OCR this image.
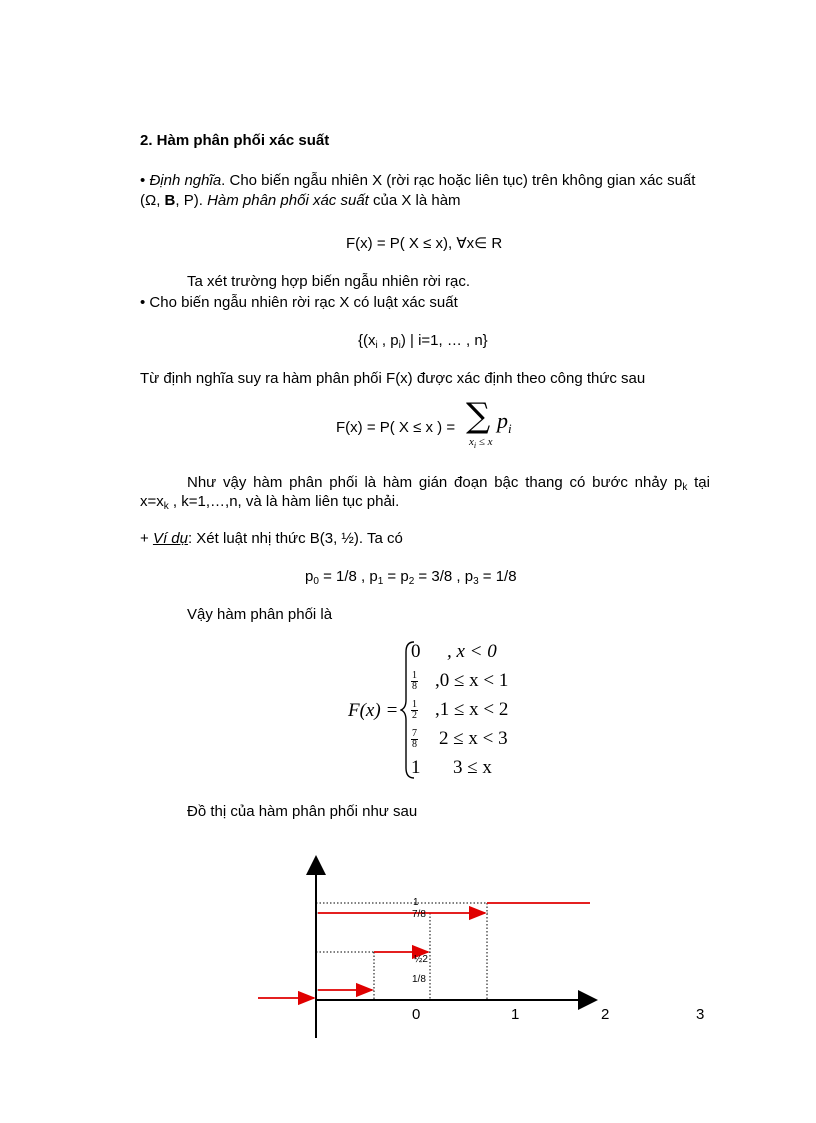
2. Hàm phân phối xác suất
• Định nghĩa. Cho biến ngẫu nhiên X (rời rạc hoặc liên tục) trên không gian xác suất
(Ω, B, P). Hàm phân phối xác suất của X là hàm
F(x) = P( X ≤ x), ∀x∈ R
Ta xét trường hợp biến ngẫu nhiên rời rạc.
• Cho biến ngẫu nhiên rời rạc X có luật xác suất
{($x_i$ , $p_i$) | i=1, … , n}
Từ định nghĩa suy ra hàm phân phối F(x) được xác định theo công thức sau
F(x) = P( X ≤ x ) = ∑ $p_i$
$x_i \le x$
Như vậy hàm phân phối là hàm gián đoạn bậc thang có bước nhảy $p_k$ tại
$x=x_k$ , k=1,…,n, và là hàm liên tục phải.
+ Ví dụ: Xét luật nhị thức B(3, ½). Ta có
$p_0 = 1/8$ , $p_1 = p_2 = 3/8$ , $p_3 = 1/8$
Vậy hàm phân phối là
F(x) =
0 , x < 0
$\frac{1}{8} ,0 \le x < 1$
$\frac{1}{2} ,1 \le x < 2$
$\frac{7}{8} 2 \le x < 3$
1 3 ≤ x
Đồ thị của hàm phân phối như sau
1
7/8
½2
1/8
0	1	2	3
